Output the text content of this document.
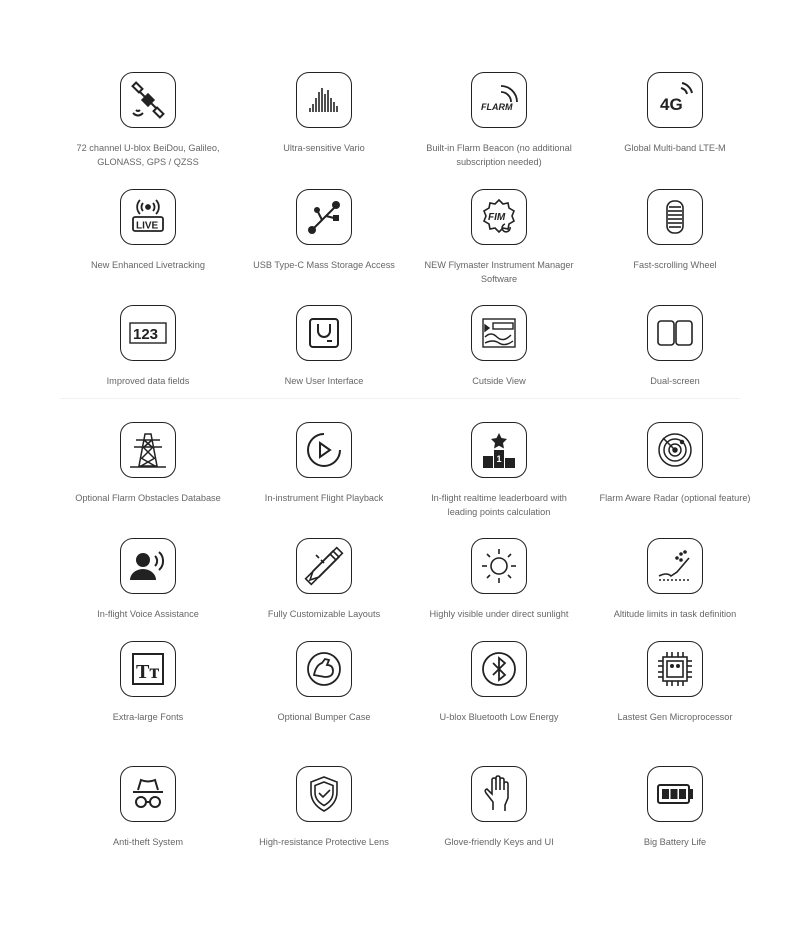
72 channel U-blox BeiDou, Galileo, GLONASS, GPS / QZSS
Ultra-sensitive Vario
FLARM
Built-in Flarm Beacon (no additional subscription needed)
4G
Global Multi-band LTE-M
LIVE
New Enhanced Livetracking	USB Type-C Mass Storage Access
FIM
NEW Flymaster Instrument Manager Software
Fast-scrolling Wheel
123
Improved data fields	New User Interface	Cutside View	Dual-screen
Optional Flarm Obstacles Database	In-instrument Flight Playback
1
In-flight realtime leaderboard with leading points calculation
Flarm Aware Radar (optional feature)
In-flight Voice Assistance	Fully Customizable Layouts	Highly visible under direct sunlight	Altitude limits in task definition
Tт
Extra-large Fonts	Optional Bumper Case	U-blox Bluetooth Low Energy	Lastest Gen Microprocessor
Anti-theft System	High-resistance Protective Lens	Glove-friendly Keys and UI	Big Battery Life
